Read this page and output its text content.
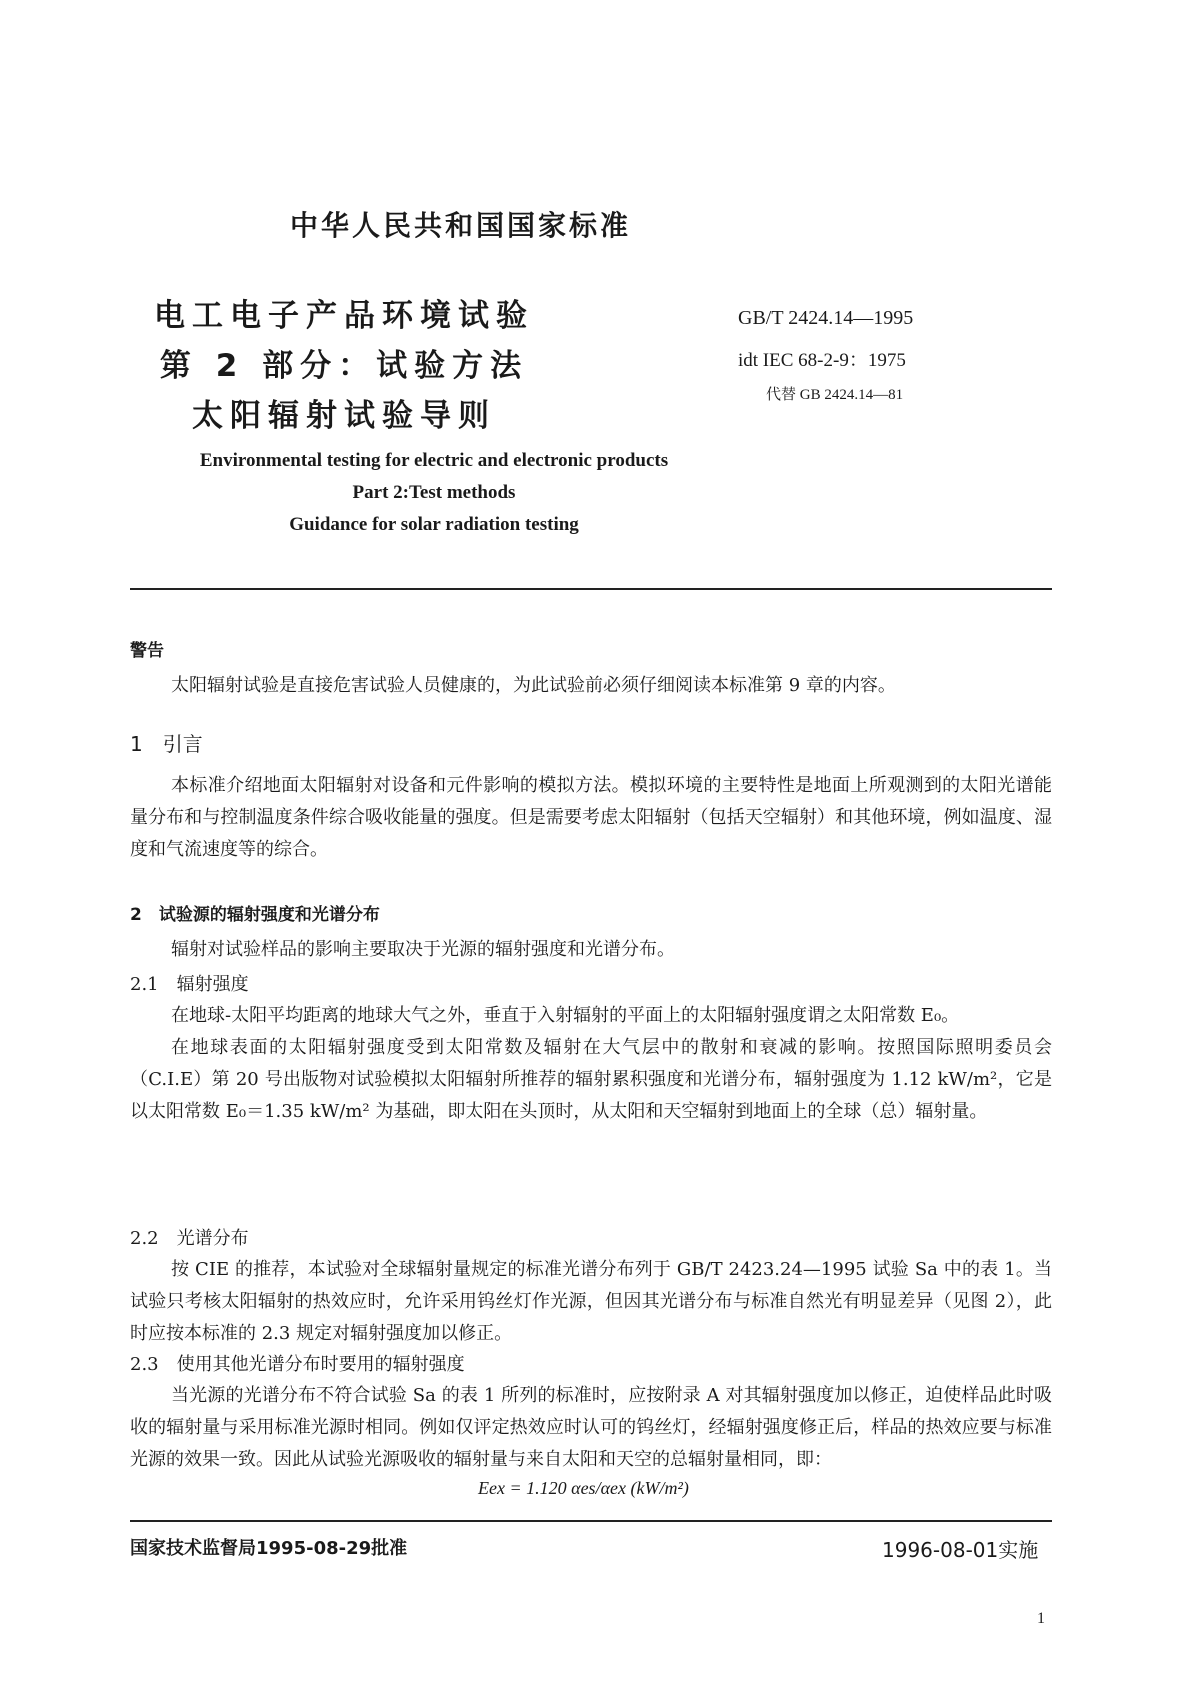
中华人民共和国国家标准
电工电子产品环境试验
第 2 部分：试验方法
太阳辐射试验导则
GB/T 2424.14—1995
idt IEC 68-2-9：1975
代替 GB 2424.14—81
Environmental testing for electric and electronic products
Part 2:Test methods
Guidance for solar radiation testing
警告

太阳辐射试验是直接危害试验人员健康的，为此试验前必须仔细阅读本标准第 9 章的内容。

1　引言

本标准介绍地面太阳辐射对设备和元件影响的模拟方法。模拟环境的主要特性是地面上所观测到的太阳光谱能量分布和与控制温度条件综合吸收能量的强度。但是需要考虑太阳辐射（包括天空辐射）和其他环境，例如温度、湿度和气流速度等的综合。

2　试验源的辐射强度和光谱分布

辐射对试验样品的影响主要取决于光源的辐射强度和光谱分布。

2.1　辐射强度

在地球-太阳平均距离的地球大气之外，垂直于入射辐射的平面上的太阳辐射强度谓之太阳常数 E₀。

在地球表面的太阳辐射强度受到太阳常数及辐射在大气层中的散射和衰减的影响。按照国际照明委员会（C.I.E）第 20 号出版物对试验模拟太阳辐射所推荐的辐射累积强度和光谱分布，辐射强度为 1.12 kW/m²，它是以太阳常数 E₀＝1.35 kW/m² 为基础，即太阳在头顶时，从太阳和天空辐射到地面上的全球（总）辐射量。

2.2　光谱分布

按 CIE 的推荐，本试验对全球辐射量规定的标准光谱分布列于 GB/T 2423.24—1995 试验 Sa 中的表 1。当试验只考核太阳辐射的热效应时，允许采用钨丝灯作光源，但因其光谱分布与标准自然光有明显差异（见图 2），此时应按本标准的 2.3 规定对辐射强度加以修正。

2.3　使用其他光谱分布时要用的辐射强度

当光源的光谱分布不符合试验 Sa 的表 1 所列的标准时，应按附录 A 对其辐射强度加以修正，迫使样品此时吸收的辐射量与采用标准光源时相同。例如仅评定热效应时认可的钨丝灯，经辐射强度修正后，样品的热效应要与标准光源的效果一致。因此从试验光源吸收的辐射量与来自太阳和天空的总辐射量相同，即：

Eex = 1.120 αes/αex (kW/m²)
国家技术监督局1995-08-29批准	1996-08-01实施
1
